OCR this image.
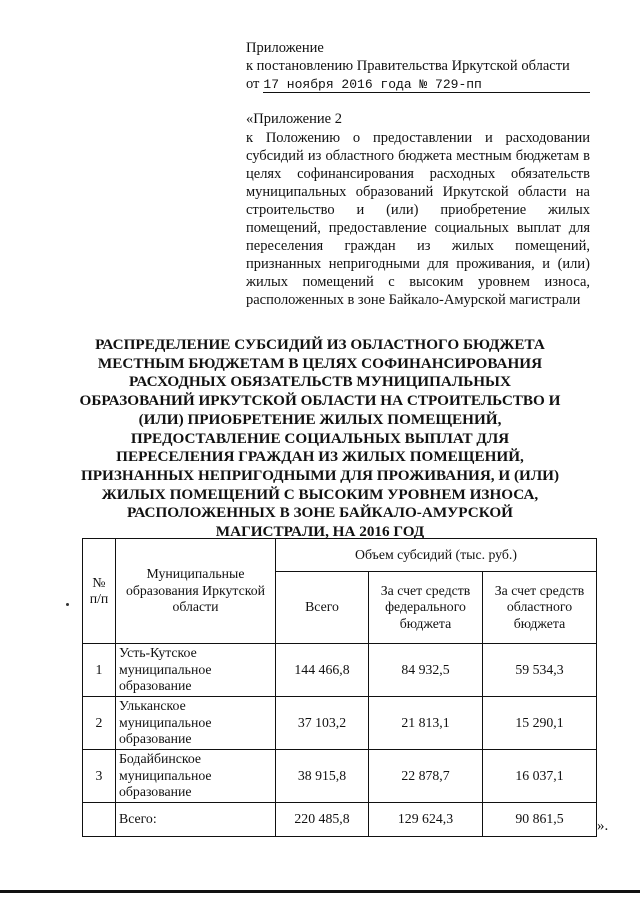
Приложение
к постановлению Правительства Иркутской области
от 17 ноября 2016 года № 729-пп
«Приложение 2
к Положению о предоставлении и расходовании субсидий из областного бюджета местным бюджетам в целях софинансирования расходных обязательств муниципальных образований Иркутской области на строительство и (или) приобретение жилых помещений, предоставление социальных выплат для переселения граждан из жилых помещений, признанных непригодными для проживания, и (или) жилых помещений с высоким уровнем износа, расположенных в зоне Байкало-Амурской магистрали
РАСПРЕДЕЛЕНИЕ СУБСИДИЙ ИЗ ОБЛАСТНОГО БЮДЖЕТА МЕСТНЫМ БЮДЖЕТАМ В ЦЕЛЯХ СОФИНАНСИРОВАНИЯ РАСХОДНЫХ ОБЯЗАТЕЛЬСТВ МУНИЦИПАЛЬНЫХ ОБРАЗОВАНИЙ ИРКУТСКОЙ ОБЛАСТИ НА СТРОИТЕЛЬСТВО И (ИЛИ) ПРИОБРЕТЕНИЕ ЖИЛЫХ ПОМЕЩЕНИЙ, ПРЕДОСТАВЛЕНИЕ СОЦИАЛЬНЫХ ВЫПЛАТ ДЛЯ ПЕРЕСЕЛЕНИЯ ГРАЖДАН ИЗ ЖИЛЫХ ПОМЕЩЕНИЙ, ПРИЗНАННЫХ НЕПРИГОДНЫМИ ДЛЯ ПРОЖИВАНИЯ, И (ИЛИ) ЖИЛЫХ ПОМЕЩЕНИЙ С ВЫСОКИМ УРОВНЕМ ИЗНОСА, РАСПОЛОЖЕННЫХ В ЗОНЕ БАЙКАЛО-АМУРСКОЙ МАГИСТРАЛИ, НА 2016 ГОД
№ п/п	Муниципальные образования Иркутской области	Объем субсидий (тыс. руб.)		
		Всего	За счет средств федерального бюджета	За счет средств областного бюджета
1	Усть-Кутское муниципальное образование	144 466,8	84 932,5	59 534,3
2	Ульканское муниципальное образование	37 103,2	21 813,1	15 290,1
3	Бодайбинское муниципальное образование	38 915,8	22 878,7	16 037,1
	Всего:	220 485,8	129 624,3	90 861,5 ».
